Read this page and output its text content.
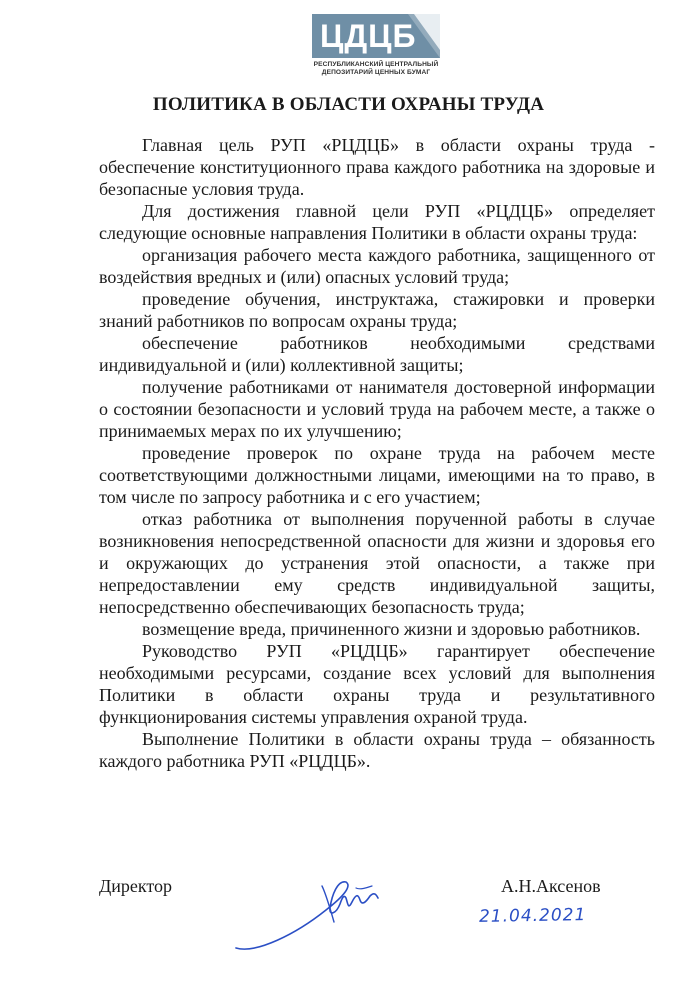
ЦДЦБ
РЕСПУБЛИКАНСКИЙ ЦЕНТРАЛЬНЫЙ ДЕПОЗИТАРИЙ ЦЕННЫХ БУМАГ
ПОЛИТИКА В ОБЛАСТИ ОХРАНЫ ТРУДА

Главная цель РУП «РЦДЦБ» в области охраны труда - обеспечение конституционного права каждого работника на здоровые и безопасные условия труда.

Для достижения главной цели РУП «РЦДЦБ» определяет следующие основные направления Политики в области охраны труда:

организация рабочего места каждого работника, защищенного от воздействия вредных и (или) опасных условий труда;

проведение обучения, инструктажа, стажировки и проверки знаний работников по вопросам охраны труда;

обеспечение работников необходимыми средствами индивидуальной и (или) коллективной защиты;

получение работниками от нанимателя достоверной информации о состоянии безопасности и условий труда на рабочем месте, а также о принимаемых мерах по их улучшению;

проведение проверок по охране труда на рабочем месте соответствующими должностными лицами, имеющими на то право, в том числе по запросу работника и с его участием;

отказ работника от выполнения порученной работы в случае возникновения непосредственной опасности для жизни и здоровья его и окружающих до устранения этой опасности, а также при непредоставлении ему средств индивидуальной защиты, непосредственно обеспечивающих безопасность труда;

возмещение вреда, причиненного жизни и здоровью работников.

Руководство РУП «РЦДЦБ» гарантирует обеспечение необходимыми ресурсами, создание всех условий для выполнения Политики в области охраны труда и результативного функционирования системы управления охраной труда.

Выполнение Политики в области охраны труда – обязанность каждого работника РУП «РЦДЦБ».

Директор	А.Н.Аксенов
21.04.2021
